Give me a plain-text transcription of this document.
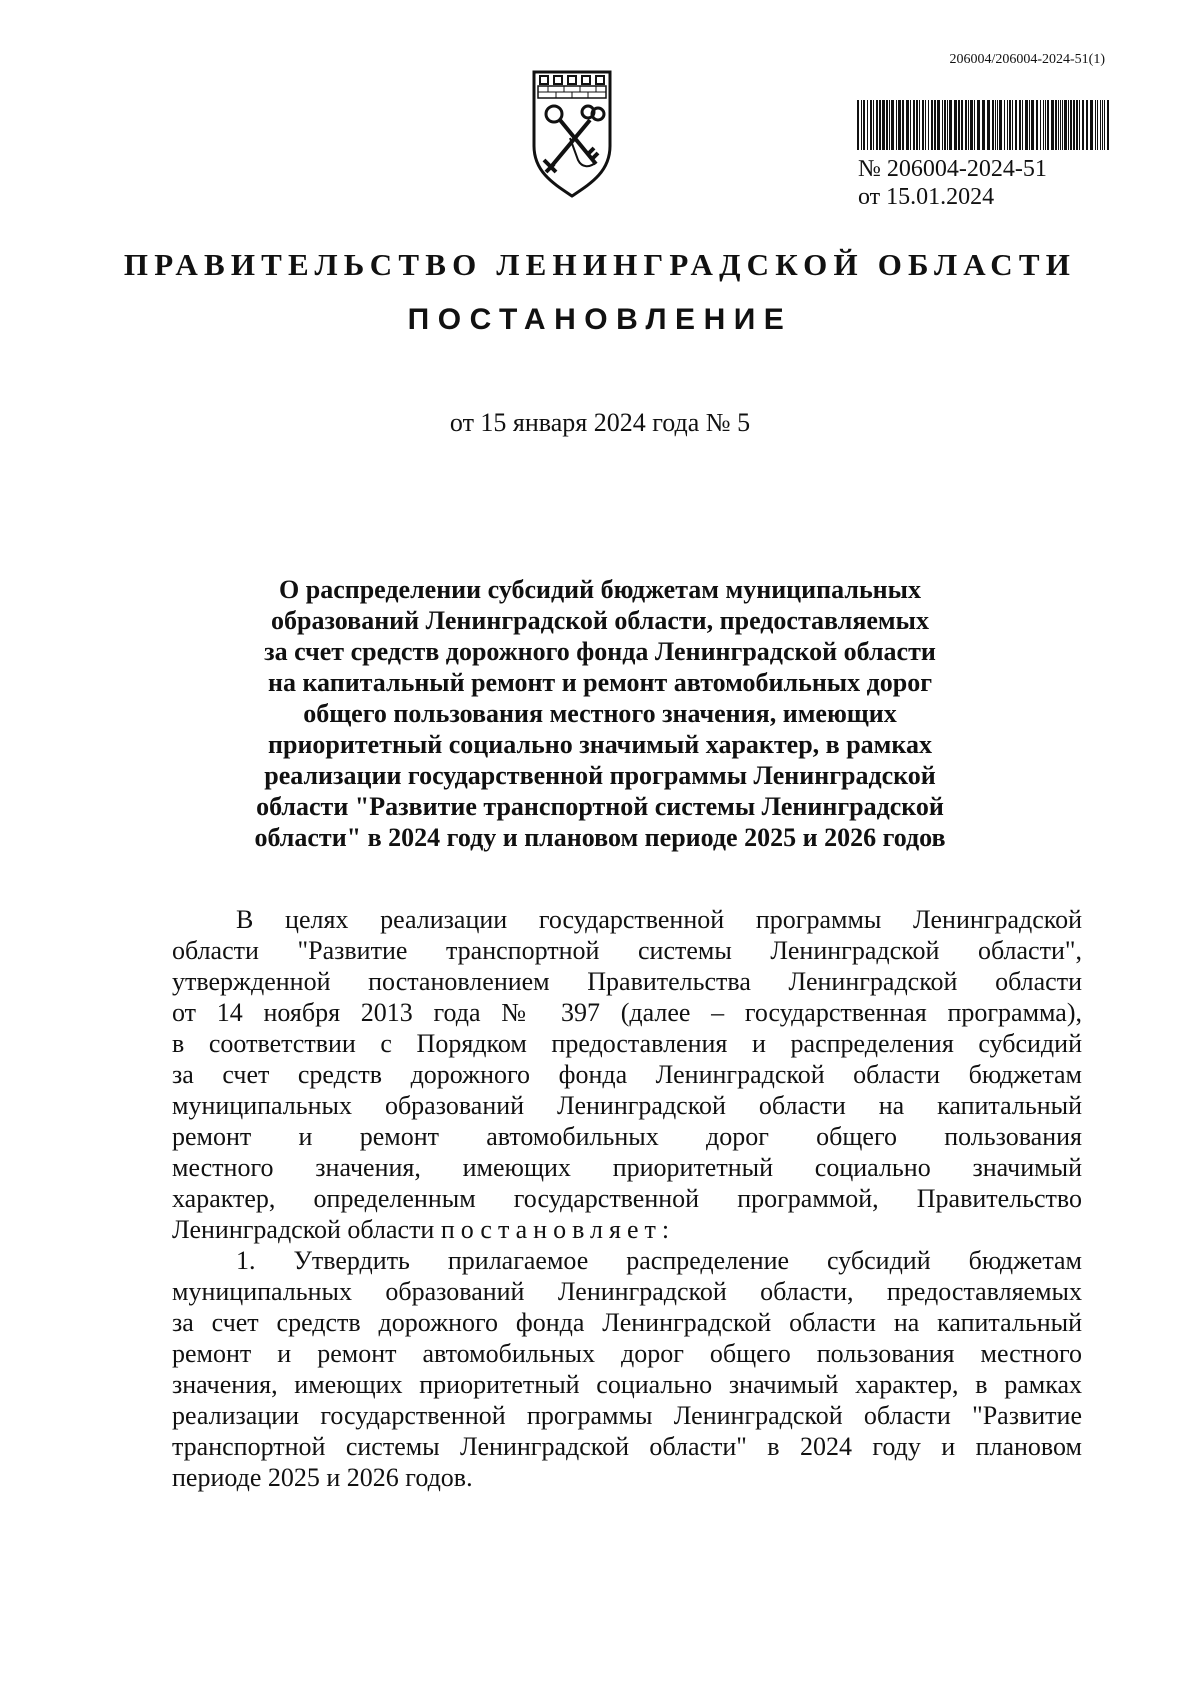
206004/206004-2024-51(1)
№ 206004-2024-51
от 15.01.2024
ПРАВИТЕЛЬСТВО ЛЕНИНГРАДСКОЙ ОБЛАСТИ
ПОСТАНОВЛЕНИЕ
от 15 января 2024 года № 5
О распределении субсидий бюджетам муниципальных
образований Ленинградской области, предоставляемых
за счет средств дорожного фонда Ленинградской области
на капитальный ремонт и ремонт автомобильных дорог
общего пользования местного значения, имеющих
приоритетный социально значимый характер, в рамках
реализации государственной программы Ленинградской
области "Развитие транспортной системы Ленинградской
области" в 2024 году и плановом периоде 2025 и 2026 годов
В целях реализации государственной программы Ленинградской
области "Развитие транспортной системы Ленинградской области",
утвержденной постановлением Правительства Ленинградской области
от 14 ноября 2013 года № 397 (далее – государственная программа),
в соответствии с Порядком предоставления и распределения субсидий
за счет средств дорожного фонда Ленинградской области бюджетам
муниципальных образований Ленинградской области на капитальный
ремонт и ремонт автомобильных дорог общего пользования
местного значения, имеющих приоритетный социально значимый
характер, определенным государственной программой, Правительство
Ленинградской области постановляет:
1. Утвердить прилагаемое распределение субсидий бюджетам
муниципальных образований Ленинградской области, предоставляемых
за счет средств дорожного фонда Ленинградской области на капитальный
ремонт и ремонт автомобильных дорог общего пользования местного
значения, имеющих приоритетный социально значимый характер, в рамках
реализации государственной программы Ленинградской области "Развитие
транспортной системы Ленинградской области" в 2024 году и плановом
периоде 2025 и 2026 годов.
